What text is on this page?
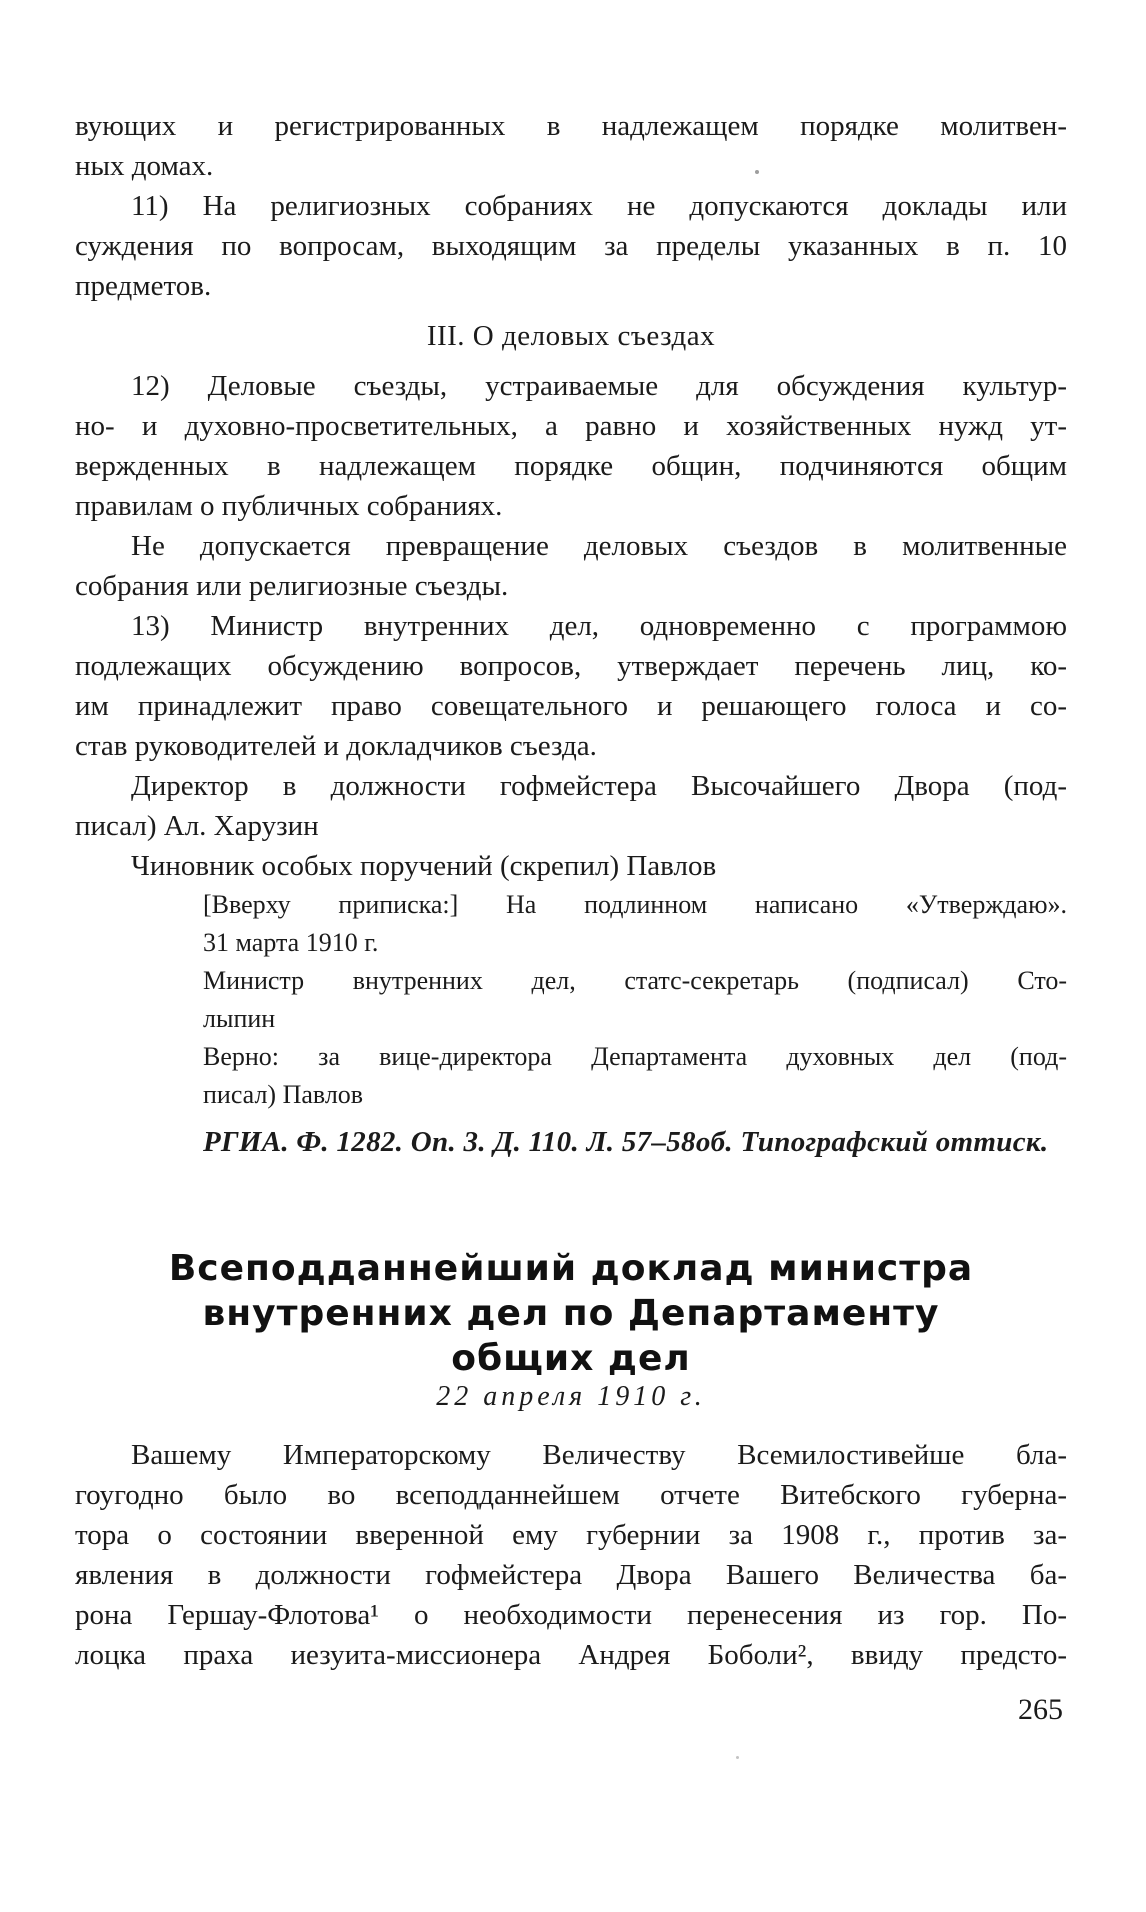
вующих и регистрированных в надлежащем порядке молитвен-
ных домах.
11) На религиозных собраниях не допускаются доклады или
суждения по вопросам, выходящим за пределы указанных в п. 10
предметов.
III. О деловых съездах
12) Деловые съезды, устраиваемые для обсуждения культур-
но- и духовно-просветительных, а равно и хозяйственных нужд ут-
вержденных в надлежащем порядке общин, подчиняются общим
правилам о публичных собраниях.
Не допускается превращение деловых съездов в молитвенные
собрания или религиозные съезды.
13) Министр внутренних дел, одновременно с программою
подлежащих обсуждению вопросов, утверждает перечень лиц, ко-
им принадлежит право совещательного и решающего голоса и со-
став руководителей и докладчиков съезда.
Директор в должности гофмейстера Высочайшего Двора (под-
писал) Ал. Харузин
Чиновник особых поручений (скрепил) Павлов
[Вверху приписка:] На подлинном написано «Утверждаю».
31 марта 1910 г.
Министр внутренних дел, статс-секретарь (подписал) Сто-
лыпин
Верно: за вице-директора Департамента духовных дел (под-
писал) Павлов
РГИА. Ф. 1282. Оп. 3. Д. 110. Л. 57–58об. Типографский оттиск.
Всеподданнейший доклад министра
внутренних дел по Департаменту
общих дел
22 апреля 1910 г.
Вашему Императорскому Величеству Всемилостивейше бла-
гоугодно было во всеподданнейшем отчете Витебского губерна-
тора о состоянии вверенной ему губернии за 1908 г., против за-
явления в должности гофмейстера Двора Вашего Величества ба-
рона Гершау-Флотова¹ о необходимости перенесения из гор. По-
лоцка праха иезуита-миссионера Андрея Боболи², ввиду предсто-
265
